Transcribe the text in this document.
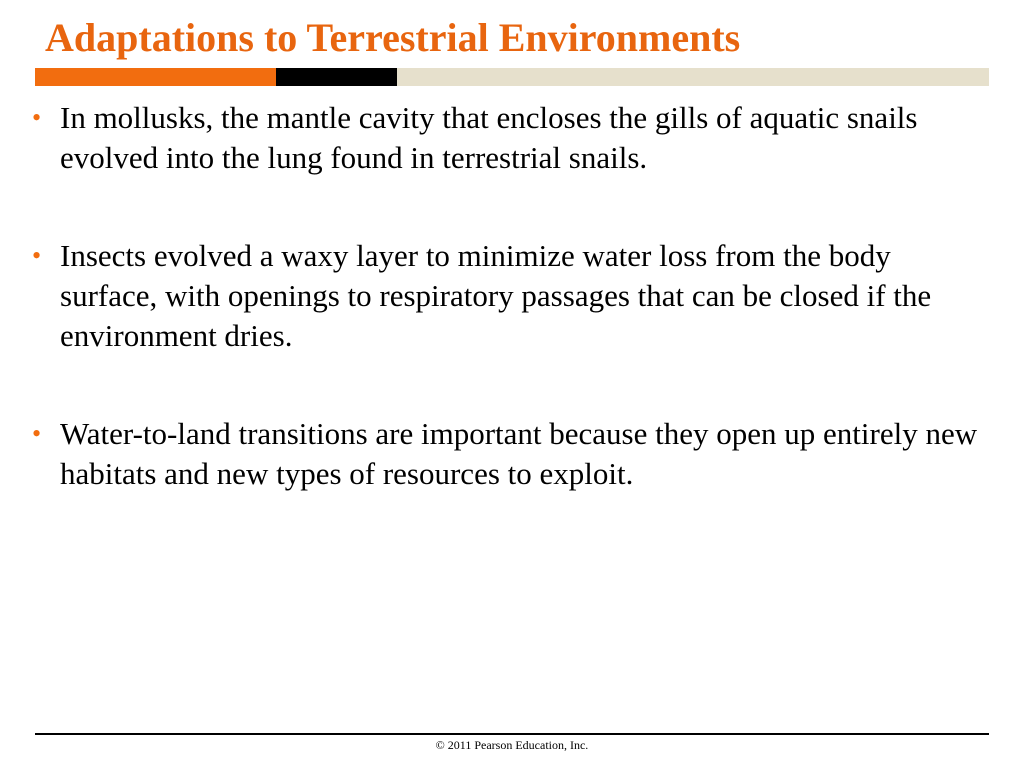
Adaptations to Terrestrial Environments
• In mollusks, the mantle cavity that encloses the gills of aquatic snails evolved into the lung found in terrestrial snails.
• Insects evolved a waxy layer to minimize water loss from the body surface, with openings to respiratory passages that can be closed if the environment dries.
• Water-to-land transitions are important because they open up entirely new habitats and new types of resources to exploit.
© 2011 Pearson Education, Inc.
